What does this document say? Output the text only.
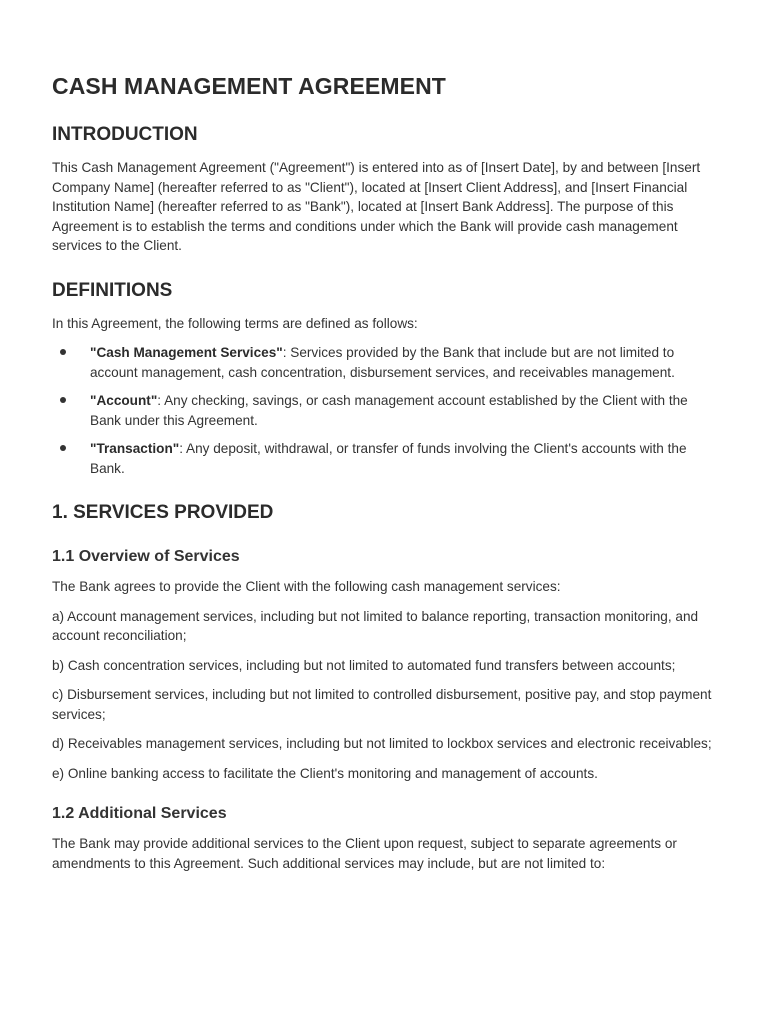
CASH MANAGEMENT AGREEMENT
INTRODUCTION

This Cash Management Agreement ("Agreement") is entered into as of [Insert Date], by and between [Insert Company Name] (hereafter referred to as "Client"), located at [Insert Client Address], and [Insert Financial Institution Name] (hereafter referred to as "Bank"), located at [Insert Bank Address]. The purpose of this Agreement is to establish the terms and conditions under which the Bank will provide cash management services to the Client.

DEFINITIONS

In this Agreement, the following terms are defined as follows:

"Cash Management Services": Services provided by the Bank that include but are not limited to account management, cash concentration, disbursement services, and receivables management.
"Account": Any checking, savings, or cash management account established by the Client with the Bank under this Agreement.
"Transaction": Any deposit, withdrawal, or transfer of funds involving the Client's accounts with the Bank.
1. SERVICES PROVIDED
1.1 Overview of Services

The Bank agrees to provide the Client with the following cash management services:

a) Account management services, including but not limited to balance reporting, transaction monitoring, and account reconciliation;

b) Cash concentration services, including but not limited to automated fund transfers between accounts;

c) Disbursement services, including but not limited to controlled disbursement, positive pay, and stop payment services;

d) Receivables management services, including but not limited to lockbox services and electronic receivables;

e) Online banking access to facilitate the Client's monitoring and management of accounts.

1.2 Additional Services

The Bank may provide additional services to the Client upon request, subject to separate agreements or amendments to this Agreement. Such additional services may include, but are not limited to:
